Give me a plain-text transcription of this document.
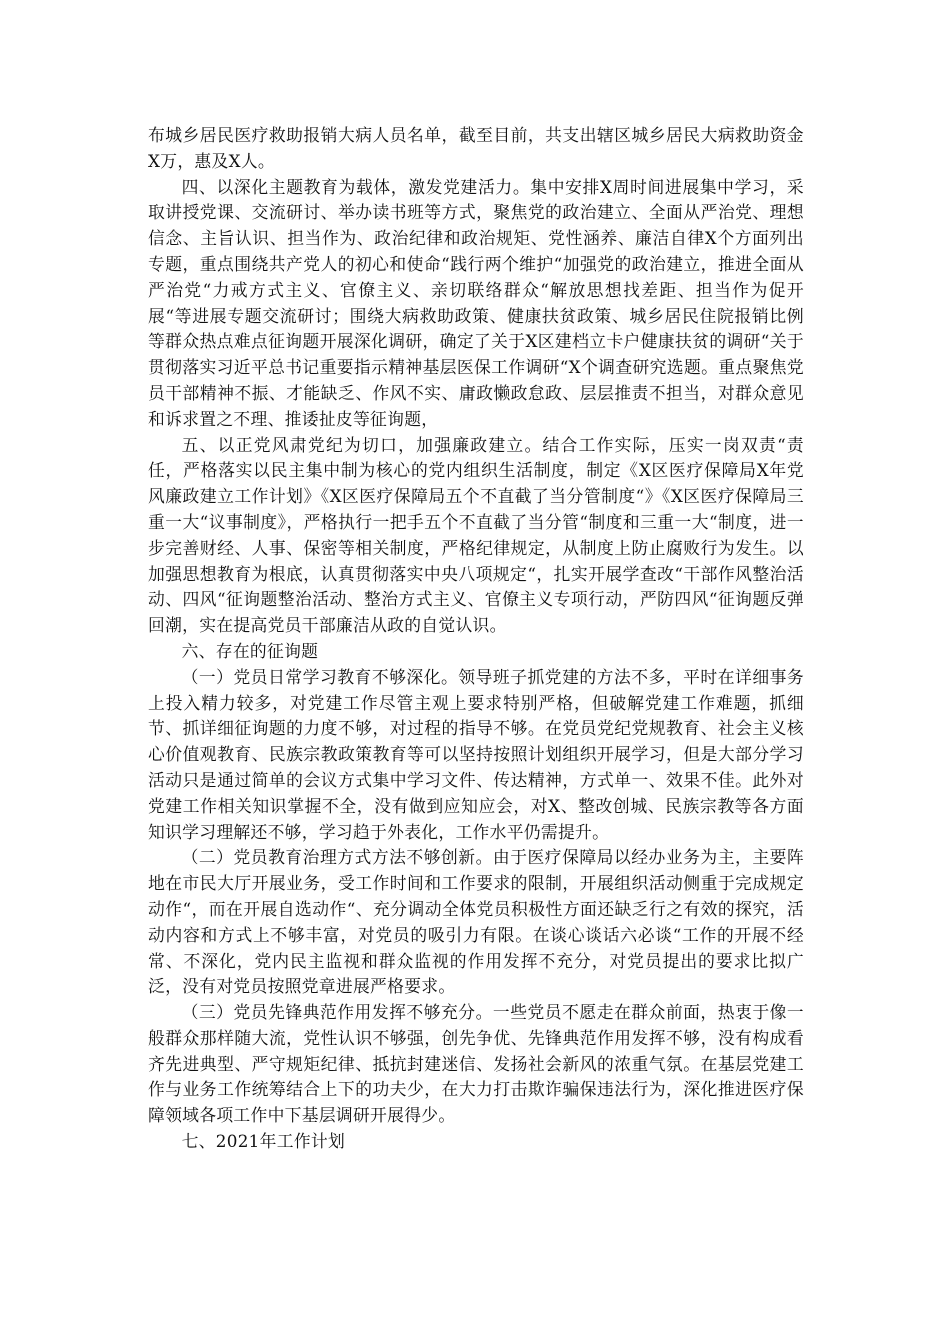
布城乡居民医疗救助报销大病人员名单，截至目前，共支出辖区城乡居民大病救助资金X万，惠及X人。

四、以深化主题教育为载体，激发党建活力。集中安排X周时间进展集中学习，采取讲授党课、交流研讨、举办读书班等方式，聚焦党的政治建立、全面从严治党、理想信念、主旨认识、担当作为、政治纪律和政治规矩、党性涵养、廉洁自律X个方面列出专题，重点围绕共产党人的初心和使命“践行两个维护“加强党的政治建立，推进全面从严治党“力戒方式主义、官僚主义、亲切联络群众“解放思想找差距、担当作为促开展“等进展专题交流研讨；围绕大病救助政策、健康扶贫政策、城乡居民住院报销比例等群众热点难点征询题开展深化调研，确定了关于X区建档立卡户健康扶贫的调研“关于贯彻落实习近平总书记重要指示精神基层医保工作调研“X个调查研究选题。重点聚焦党员干部精神不振、才能缺乏、作风不实、庸政懒政怠政、层层推责不担当，对群众意见和诉求置之不理、推诿扯皮等征询题，

五、以正党风肃党纪为切口，加强廉政建立。结合工作实际，压实一岗双责“责任，严格落实以民主集中制为核心的党内组织生活制度，制定《X区医疗保障局X年党风廉政建立工作计划》《X区医疗保障局五个不直截了当分管制度“》《X区医疗保障局三重一大“议事制度》，严格执行一把手五个不直截了当分管“制度和三重一大“制度，进一步完善财经、人事、保密等相关制度，严格纪律规定，从制度上防止腐败行为发生。以加强思想教育为根底，认真贯彻落实中央八项规定“，扎实开展学查改“干部作风整治活动、四风“征询题整治活动、整治方式主义、官僚主义专项行动，严防四风“征询题反弹回潮，实在提高党员干部廉洁从政的自觉认识。

六、存在的征询题

（一）党员日常学习教育不够深化。领导班子抓党建的方法不多，平时在详细事务上投入精力较多，对党建工作尽管主观上要求特别严格，但破解党建工作难题，抓细节、抓详细征询题的力度不够，对过程的指导不够。在党员党纪党规教育、社会主义核心价值观教育、民族宗教政策教育等可以坚持按照计划组织开展学习，但是大部分学习活动只是通过简单的会议方式集中学习文件、传达精神，方式单一、效果不佳。此外对党建工作相关知识掌握不全，没有做到应知应会，对X、整改创城、民族宗教等各方面知识学习理解还不够，学习趋于外表化，工作水平仍需提升。

（二）党员教育治理方式方法不够创新。由于医疗保障局以经办业务为主，主要阵地在市民大厅开展业务，受工作时间和工作要求的限制，开展组织活动侧重于完成规定动作“，而在开展自选动作“、充分调动全体党员积极性方面还缺乏行之有效的探究，活动内容和方式上不够丰富，对党员的吸引力有限。在谈心谈话六必谈“工作的开展不经常、不深化，党内民主监视和群众监视的作用发挥不充分，对党员提出的要求比拟广泛，没有对党员按照党章进展严格要求。

（三）党员先锋典范作用发挥不够充分。一些党员不愿走在群众前面，热衷于像一般群众那样随大流，党性认识不够强，创先争优、先锋典范作用发挥不够，没有构成看齐先进典型、严守规矩纪律、抵抗封建迷信、发扬社会新风的浓重气氛。在基层党建工作与业务工作统筹结合上下的功夫少，在大力打击欺诈骗保违法行为，深化推进医疗保障领域各项工作中下基层调研开展得少。

七、2021年工作计划
